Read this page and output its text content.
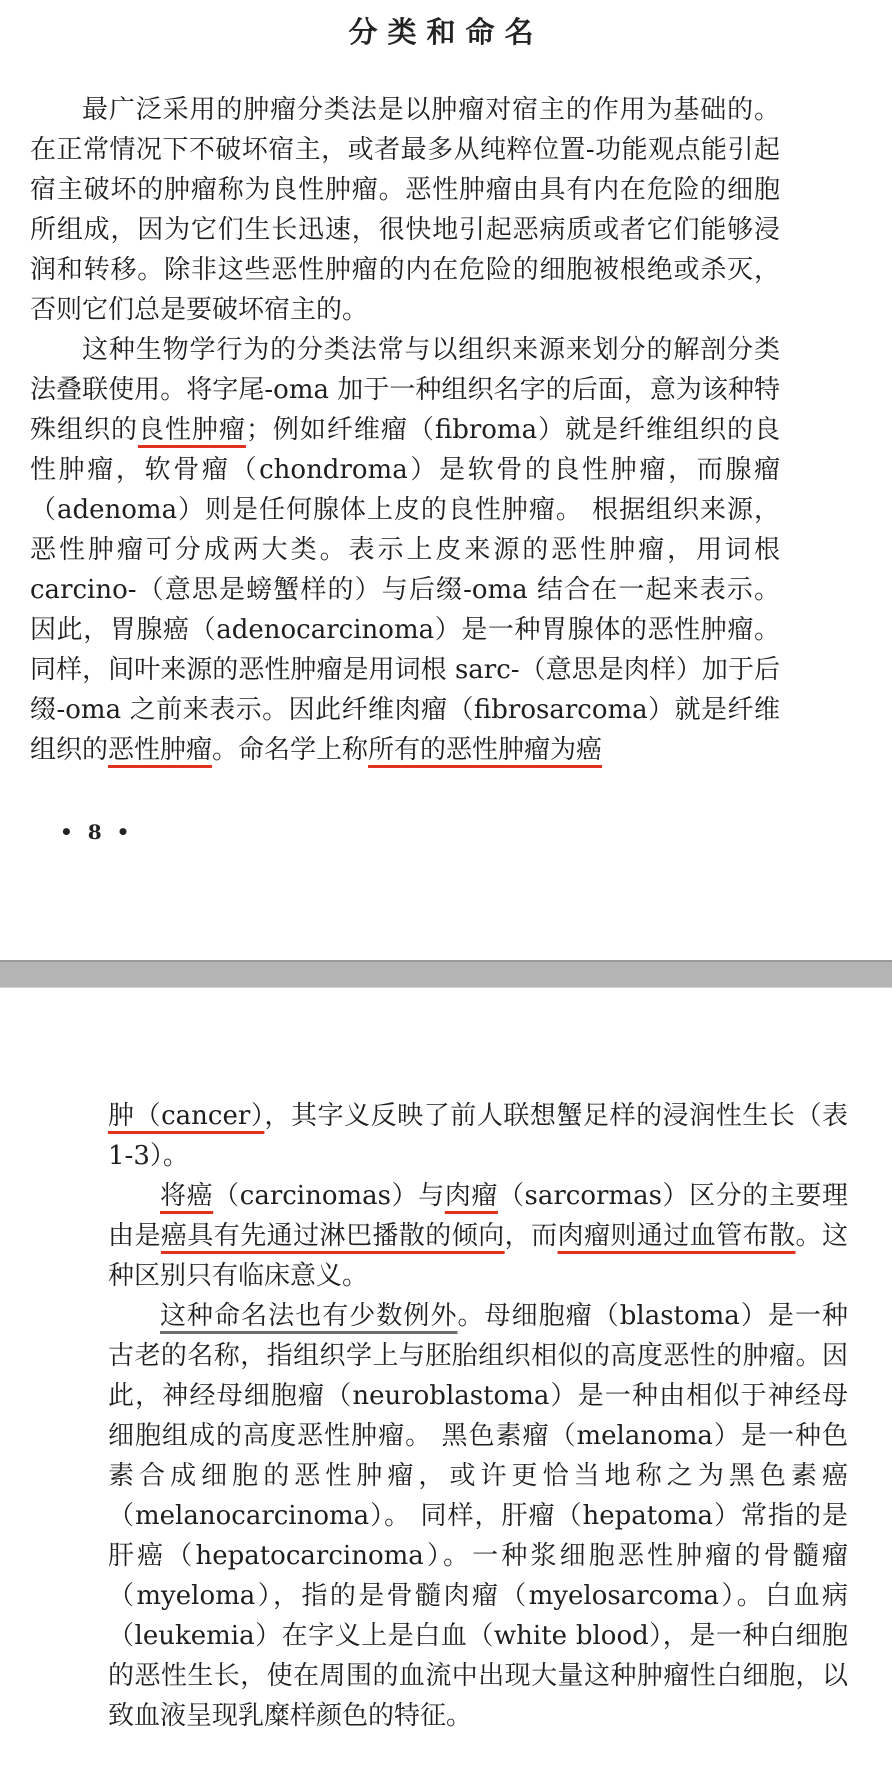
分类和命名

最广泛采用的肿瘤分类法是以肿瘤对宿主的作用为基础的。在正常情况下不破坏宿主，或者最多从纯粹位置-功能观点能引起宿主破坏的肿瘤称为良性肿瘤。恶性肿瘤由具有内在危险的细胞所组成，因为它们生长迅速，很快地引起恶病质或者它们能够浸润和转移。除非这些恶性肿瘤的内在危险的细胞被根绝或杀灭，否则它们总是要破坏宿主的。

这种生物学行为的分类法常与以组织来源来划分的解剖分类法叠联使用。将字尾-oma 加于一种组织名字的后面，意为该种特殊组织的良性肿瘤；例如纤维瘤（fibroma）就是纤维组织的良性肿瘤，软骨瘤（chondroma）是软骨的良性肿瘤，而腺瘤（adenoma）则是任何腺体上皮的良性肿瘤。 根据组织来源，恶性肿瘤可分成两大类。表示上皮来源的恶性肿瘤，用词根 carcino-（意思是螃蟹样的）与后缀-oma 结合在一起来表示。因此，胃腺癌（adenocarcinoma）是一种胃腺体的恶性肿瘤。 同样，间叶来源的恶性肿瘤是用词根 sarc-（意思是肉样）加于后缀-oma 之前来表示。因此纤维肉瘤（fibrosarcoma）就是纤维组织的恶性肿瘤。命名学上称所有的恶性肿瘤为癌

• 8 •

肿（cancer），其字义反映了前人联想蟹足样的浸润性生长（表1-3）。

将癌（carcinomas）与肉瘤（sarcormas）区分的主要理由是癌具有先通过淋巴播散的倾向，而肉瘤则通过血管布散。这种区别只有临床意义。

这种命名法也有少数例外。母细胞瘤（blastoma）是一种古老的名称，指组织学上与胚胎组织相似的高度恶性的肿瘤。因此，神经母细胞瘤（neuroblastoma）是一种由相似于神经母细胞组成的高度恶性肿瘤。 黑色素瘤（melanoma）是一种色素合成细胞的恶性肿瘤，或许更恰当地称之为黑色素癌（melanocarcinoma）。 同样，肝瘤（hepatoma）常指的是肝癌（hepatocarcinoma）。一种浆细胞恶性肿瘤的骨髓瘤（myeloma），指的是骨髓肉瘤（myelosarcoma）。白血病（leukemia）在字义上是白血（white blood），是一种白细胞的恶性生长，使在周围的血流中出现大量这种肿瘤性白细胞，以致血液呈现乳糜样颜色的特征。
